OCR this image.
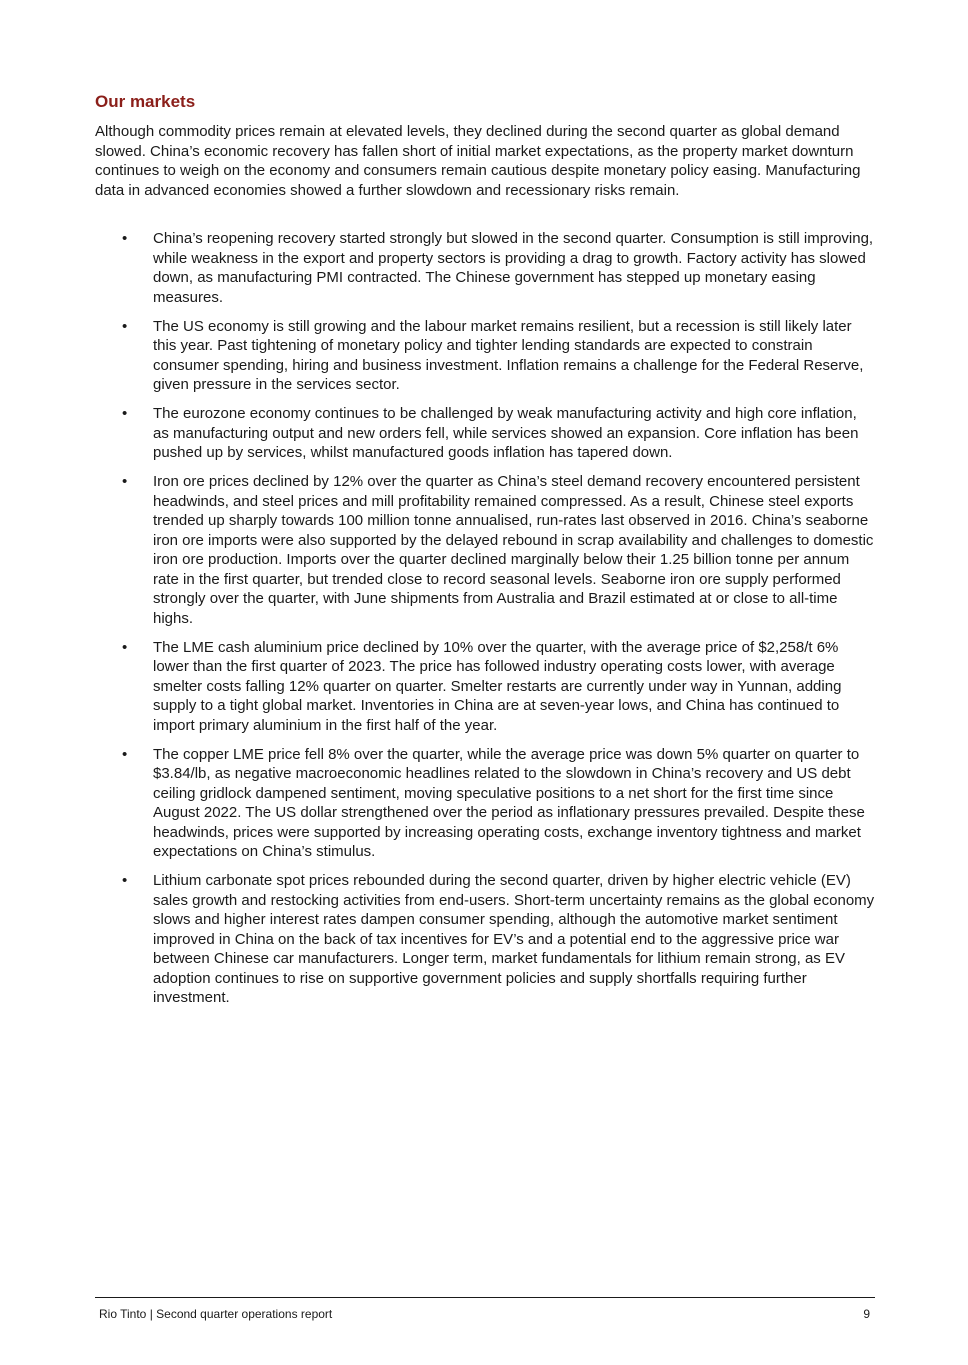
Our markets

Although commodity prices remain at elevated levels, they declined during the second quarter as global demand slowed. China’s economic recovery has fallen short of initial market expectations, as the property market downturn continues to weigh on the economy and consumers remain cautious despite monetary policy easing. Manufacturing data in advanced economies showed a further slowdown and recessionary risks remain.

• China’s reopening recovery started strongly but slowed in the second quarter. Consumption is still improving, while weakness in the export and property sectors is providing a drag to growth. Factory activity has slowed down, as manufacturing PMI contracted. The Chinese government has stepped up monetary easing measures.
• The US economy is still growing and the labour market remains resilient, but a recession is still likely later this year. Past tightening of monetary policy and tighter lending standards are expected to constrain consumer spending, hiring and business investment. Inflation remains a challenge for the Federal Reserve, given pressure in the services sector.
• The eurozone economy continues to be challenged by weak manufacturing activity and high core inflation, as manufacturing output and new orders fell, while services showed an expansion. Core inflation has been pushed up by services, whilst manufactured goods inflation has tapered down.
• Iron ore prices declined by 12% over the quarter as China’s steel demand recovery encountered persistent headwinds, and steel prices and mill profitability remained compressed. As a result, Chinese steel exports trended up sharply towards 100 million tonne annualised, run-rates last observed in 2016. China’s seaborne iron ore imports were also supported by the delayed rebound in scrap availability and challenges to domestic iron ore production. Imports over the quarter declined marginally below their 1.25 billion tonne per annum rate in the first quarter, but trended close to record seasonal levels. Seaborne iron ore supply performed strongly over the quarter, with June shipments from Australia and Brazil estimated at or close to all-time highs.
• The LME cash aluminium price declined by 10% over the quarter, with the average price of $2,258/t 6% lower than the first quarter of 2023. The price has followed industry operating costs lower, with average smelter costs falling 12% quarter on quarter. Smelter restarts are currently under way in Yunnan, adding supply to a tight global market. Inventories in China are at seven-year lows, and China has continued to import primary aluminium in the first half of the year.
• The copper LME price fell 8% over the quarter, while the average price was down 5% quarter on quarter to $3.84/lb, as negative macroeconomic headlines related to the slowdown in China’s recovery and US debt ceiling gridlock dampened sentiment, moving speculative positions to a net short for the first time since August 2022. The US dollar strengthened over the period as inflationary pressures prevailed. Despite these headwinds, prices were supported by increasing operating costs, exchange inventory tightness and market expectations on China’s stimulus.
• Lithium carbonate spot prices rebounded during the second quarter, driven by higher electric vehicle (EV) sales growth and restocking activities from end-users. Short-term uncertainty remains as the global economy slows and higher interest rates dampen consumer spending, although the automotive market sentiment improved in China on the back of tax incentives for EV’s and a potential end to the aggressive price war between Chinese car manufacturers. Longer term, market fundamentals for lithium remain strong, as EV adoption continues to rise on supportive government policies and supply shortfalls requiring further investment.
Rio Tinto | Second quarter operations report	9
